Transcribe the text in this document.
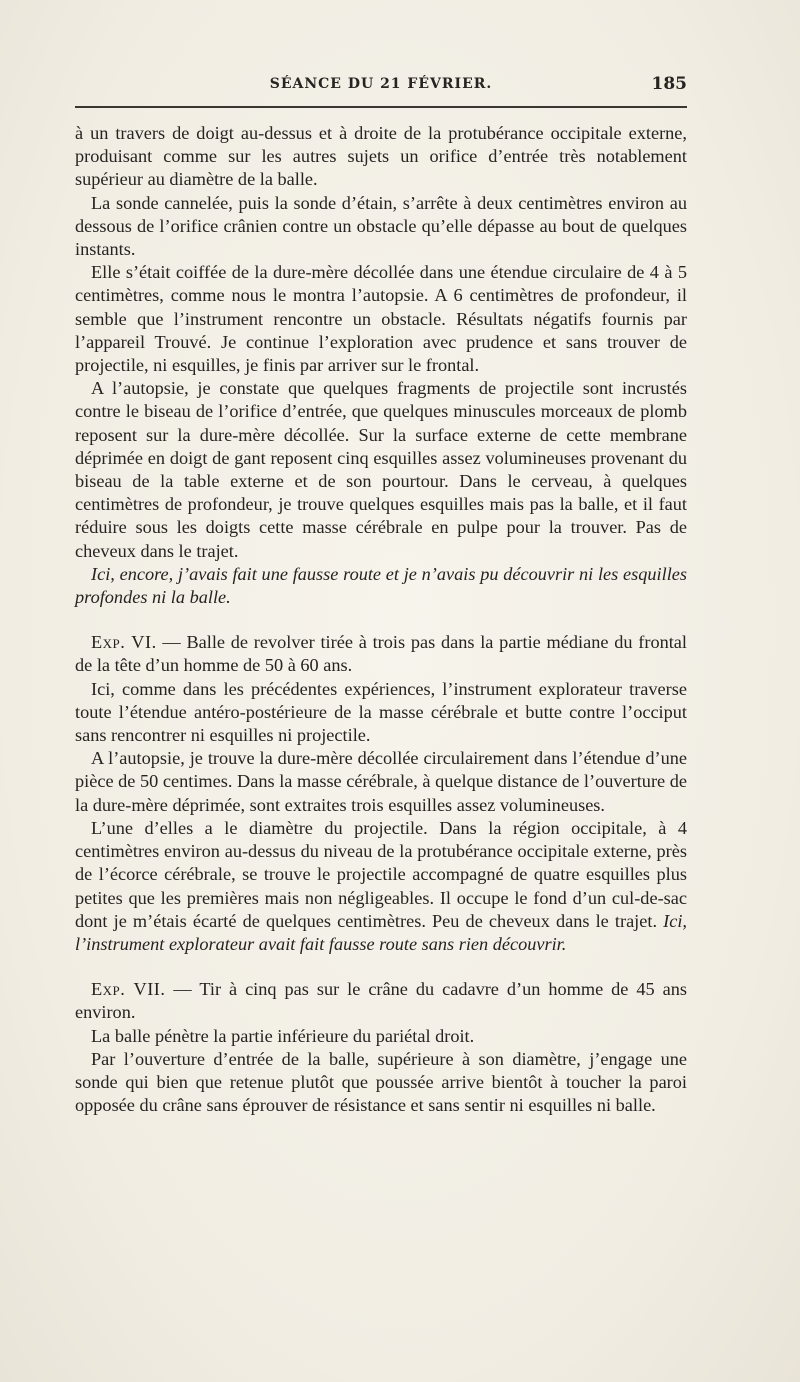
SÉANCE DU 21 FÉVRIER.	185

à un travers de doigt au-dessus et à droite de la protubérance occipitale externe, produisant comme sur les autres sujets un orifice d’entrée très notablement supérieur au diamètre de la balle.

La sonde cannelée, puis la sonde d’étain, s’arrête à deux centimètres environ au dessous de l’orifice crânien contre un obstacle qu’elle dépasse au bout de quelques instants.

Elle s’était coiffée de la dure-mère décollée dans une étendue circulaire de 4 à 5 centimètres, comme nous le montra l’autopsie. A 6 centimètres de profondeur, il semble que l’instrument rencontre un obstacle. Résultats négatifs fournis par l’appareil Trouvé. Je continue l’exploration avec prudence et sans trouver de projectile, ni esquilles, je finis par arriver sur le frontal.

A l’autopsie, je constate que quelques fragments de projectile sont incrustés contre le biseau de l’orifice d’entrée, que quelques minuscules morceaux de plomb reposent sur la dure-mère décollée. Sur la surface externe de cette membrane déprimée en doigt de gant reposent cinq esquilles assez volumineuses provenant du biseau de la table externe et de son pourtour. Dans le cerveau, à quelques centimètres de profondeur, je trouve quelques esquilles mais pas la balle, et il faut réduire sous les doigts cette masse cérébrale en pulpe pour la trouver. Pas de cheveux dans le trajet.

Ici, encore, j’avais fait une fausse route et je n’avais pu découvrir ni les esquilles profondes ni la balle.

Exp. VI. — Balle de revolver tirée à trois pas dans la partie médiane du frontal de la tête d’un homme de 50 à 60 ans.

Ici, comme dans les précédentes expériences, l’instrument explorateur traverse toute l’étendue antéro-postérieure de la masse cérébrale et butte contre l’occiput sans rencontrer ni esquilles ni projectile.

A l’autopsie, je trouve la dure-mère décollée circulairement dans l’étendue d’une pièce de 50 centimes. Dans la masse cérébrale, à quelque distance de l’ouverture de la dure-mère déprimée, sont extraites trois esquilles assez volumineuses.

L’une d’elles a le diamètre du projectile. Dans la région occipitale, à 4 centimètres environ au-dessus du niveau de la protubérance occipitale externe, près de l’écorce cérébrale, se trouve le projectile accompagné de quatre esquilles plus petites que les premières mais non négligeables. Il occupe le fond d’un cul-de-sac dont je m’étais écarté de quelques centimètres. Peu de cheveux dans le trajet. Ici, l’instrument explorateur avait fait fausse route sans rien découvrir.

Exp. VII. — Tir à cinq pas sur le crâne du cadavre d’un homme de 45 ans environ.

La balle pénètre la partie inférieure du pariétal droit.

Par l’ouverture d’entrée de la balle, supérieure à son diamètre, j’engage une sonde qui bien que retenue plutôt que poussée arrive bientôt à toucher la paroi opposée du crâne sans éprouver de résistance et sans sentir ni esquilles ni balle.
